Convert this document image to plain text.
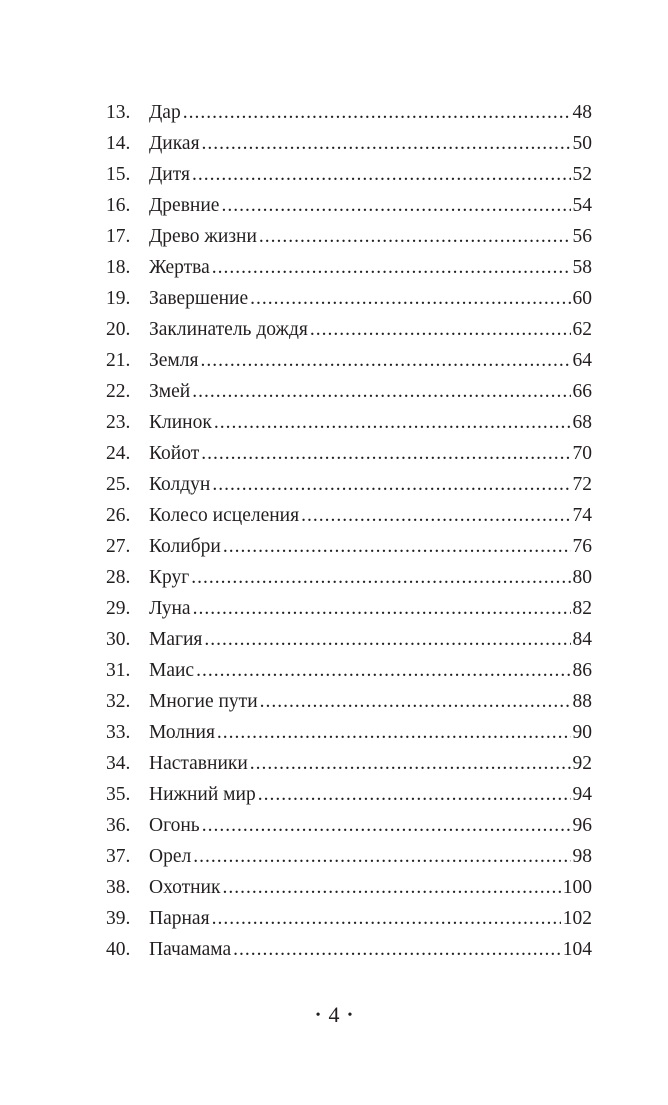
13. Дар .....	48
14. Дикая .....	50
15. Дитя .....	52
16. Древние .....	54
17. Древо жизни .....	56
18. Жертва .....	58
19. Завершение .....	60
20. Заклинатель дождя .....	62
21. Земля .....	64
22. Змей .....	66
23. Клинок .....	68
24. Койот .....	70
25. Колдун .....	72
26. Колесо исцеления .....	74
27. Колибри .....	76
28. Круг .....	80
29. Луна .....	82
30. Магия .....	84
31. Маис .....	86
32. Многие пути .....	88
33. Молния .....	90
34. Наставники .....	92
35. Нижний мир .....	94
36. Огонь .....	96
37. Орел .....	98
38. Охотник .....	100
39. Парная .....	102
40. Пачамама .....	104
• 4 •
